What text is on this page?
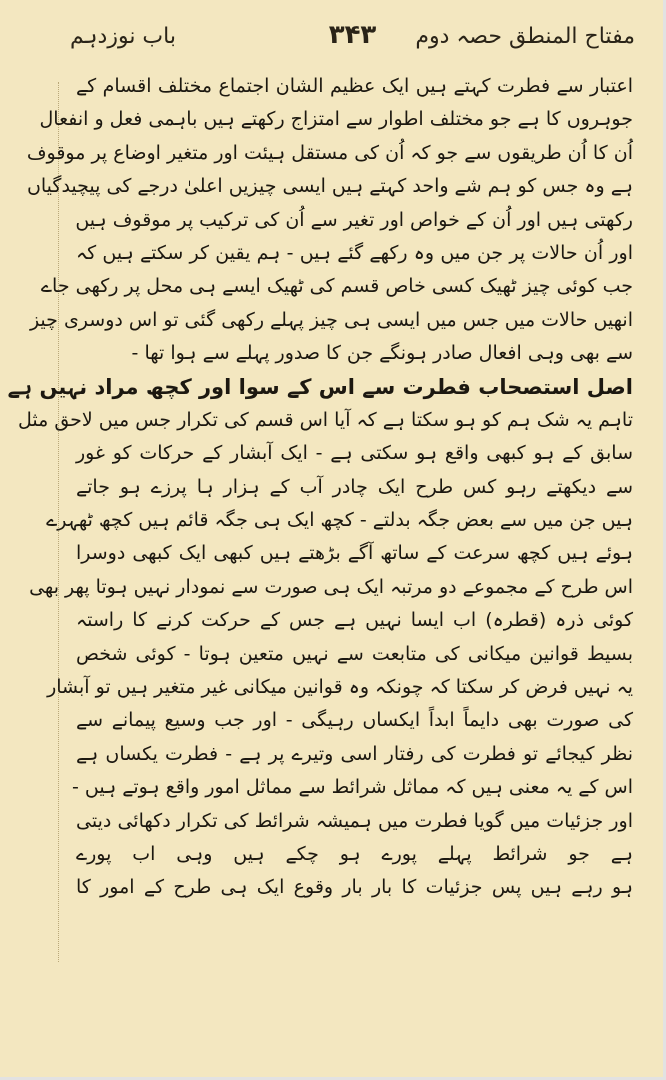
مفتاح المنطق حصہ دوم
۳۴۳
باب نوزدہم
اعتبار سے فطرت کہتے ہیں ایک عظیم الشان اجتماع مختلف اقسام کے
جوہروں کا ہے جو مختلف اطوار سے امتزاج رکھتے ہیں باہمی فعل و انفعال
اُن کا اُن طریقوں سے جو کہ اُن کی مستقل ہیئت اور متغیر اوضاع پر موقوف
ہے وہ جس کو ہم شے واحد کہتے ہیں ایسی چیزیں اعلیٰ درجے کی پیچیدگیاں
رکھتی ہیں اور اُن کے خواص اور تغیر سے اُن کی ترکیب پر موقوف ہیں
اور اُن حالات پر جن میں وہ رکھے گئے ہیں - ہم یقین کر سکتے ہیں کہ
جب کوئی چیز ٹھیک کسی خاص قسم کی ٹھیک ایسے ہی محل پر رکھی جاے
انھیں حالات میں جس میں ایسی ہی چیز پہلے رکھی گئی تو اس دوسری چیز
سے بھی وہی افعال صادر ہونگے جن کا صدور پہلے سے ہوا تھا -
اصل استصحاب فطرت سے اس کے سوا اور کچھ مراد نہیں ہے
تاہم یہ شک ہم کو ہو سکتا ہے کہ آیا اس قسم کی تکرار جس میں لاحق مثل
سابق کے ہو کبھی واقع ہو سکتی ہے - ایک آبشار کے حرکات کو غور
سے دیکھتے رہو کس طرح ایک چادر آب کے ہزار ہا پرزے ہو جاتے
ہیں جن میں سے بعض جگہ بدلتے - کچھ ایک ہی جگہ قائم ہیں کچھ ٹھہرے
ہوئے ہیں کچھ سرعت کے ساتھ آگے بڑھتے ہیں کبھی ایک کبھی دوسرا
اس طرح کے مجموعے دو مرتبہ ایک ہی صورت سے نمودار نہیں ہوتا پھر بھی
کوئی ذرہ (قطرہ) اب ایسا نہیں ہے جس کے حرکت کرنے کا راستہ
بسیط قوانین میکانی کی متابعت سے نہیں متعین ہوتا - کوئی شخص
یہ نہیں فرض کر سکتا کہ چونکہ وہ قوانین میکانی غیر متغیر ہیں تو آبشار
کی صورت بھی دایماً ابداً ایکساں رہیگی - اور جب وسیع پیمانے سے
نظر کیجائے تو فطرت کی رفتار اسی وتیرے پر ہے - فطرت یکساں ہے
اس کے یہ معنی ہیں کہ مماثل شرائط سے مماثل امور واقع ہوتے ہیں -
اور جزئیات میں گویا فطرت میں ہمیشہ شرائط کی تکرار دکھائی دیتی
ہے جو شرائط پہلے پورے ہو چکے ہیں وہی اب پورے
ہو رہے ہیں پس جزئیات کا بار بار وقوع ایک ہی طرح کے امور کا
